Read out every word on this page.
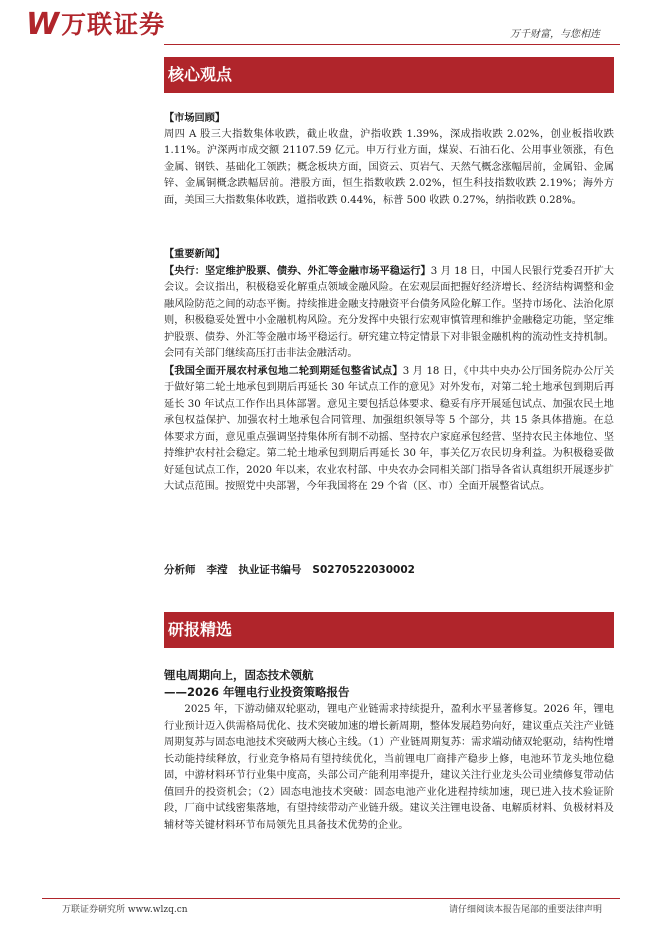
W 万联证券	万千财富，与您相连
核心观点
【市场回顾】

周四 A 股三大指数集体收跌，截止收盘，沪指收跌 1.39%，深成指收跌 2.02%，创业板指收跌 1.11%。沪深两市成交额 21107.59 亿元。申万行业方面，煤炭、石油石化、公用事业领涨，有色金属、钢铁、基础化工领跌；概念板块方面，国资云、页岩气、天然气概念涨幅居前，金属铅、金属锌、金属铜概念跌幅居前。港股方面，恒生指数收跌 2.02%，恒生科技指数收跌 2.19%；海外方面，美国三大指数集体收跌，道指收跌 0.44%，标普 500 收跌 0.27%，纳指收跌 0.28%。

【重要新闻】

【央行：坚定维护股票、债券、外汇等金融市场平稳运行】3 月 18 日，中国人民银行党委召开扩大会议。会议指出，积极稳妥化解重点领域金融风险。在宏观层面把握好经济增长、经济结构调整和金融风险防范之间的动态平衡。持续推进金融支持融资平台债务风险化解工作。坚持市场化、法治化原则，积极稳妥处置中小金融机构风险。充分发挥中央银行宏观审慎管理和维护金融稳定功能，坚定维护股票、债券、外汇等金融市场平稳运行。研究建立特定情景下对非银金融机构的流动性支持机制。会同有关部门继续高压打击非法金融活动。

【我国全面开展农村承包地二轮到期延包整省试点】3 月 18 日，《中共中央办公厅国务院办公厅关于做好第二轮土地承包到期后再延长 30 年试点工作的意见》对外发布，对第二轮土地承包到期后再延长 30 年试点工作作出具体部署。意见主要包括总体要求、稳妥有序开展延包试点、加强农民土地承包权益保护、加强农村土地承包合同管理、加强组织领导等 5 个部分，共 15 条具体措施。在总体要求方面，意见重点强调坚持集体所有制不动摇、坚持农户家庭承包经营、坚持农民主体地位、坚持维护农村社会稳定。第二轮土地承包到期后再延长 30 年，事关亿万农民切身利益。为积极稳妥做好延包试点工作，2020 年以来，农业农村部、中央农办会同相关部门指导各省认真组织开展逐步扩大试点范围。按照党中央部署，今年我国将在 29 个省（区、市）全面开展整省试点。

分析师 李滢 执业证书编号 S0270522030002
研报精选
锂电周期向上，固态技术领航
——2026 年锂电行业投资策略报告

2025 年，下游动储双轮驱动，锂电产业链需求持续提升，盈利水平显著修复。2026 年，锂电行业预计迈入供需格局优化、技术突破加速的增长新周期，整体发展趋势向好，建议重点关注产业链周期复苏与固态电池技术突破两大核心主线。（1）产业链周期复苏：需求端动储双轮驱动，结构性增长动能持续释放，行业竞争格局有望持续优化，当前锂电厂商排产稳步上修，电池环节龙头地位稳固，中游材料环节行业集中度高，头部公司产能利用率提升，建议关注行业龙头公司业绩修复带动估值回升的投资机会；（2）固态电池技术突破：固态电池产业化进程持续加速，现已进入技术验证阶段，厂商中试线密集落地，有望持续带动产业链升级。建议关注锂电设备、电解质材料、负极材料及辅材等关键材料环节布局领先且具备技术优势的企业。

万联证券研究所 www.wlzq.cn	请仔细阅读本报告尾部的重要法律声明
